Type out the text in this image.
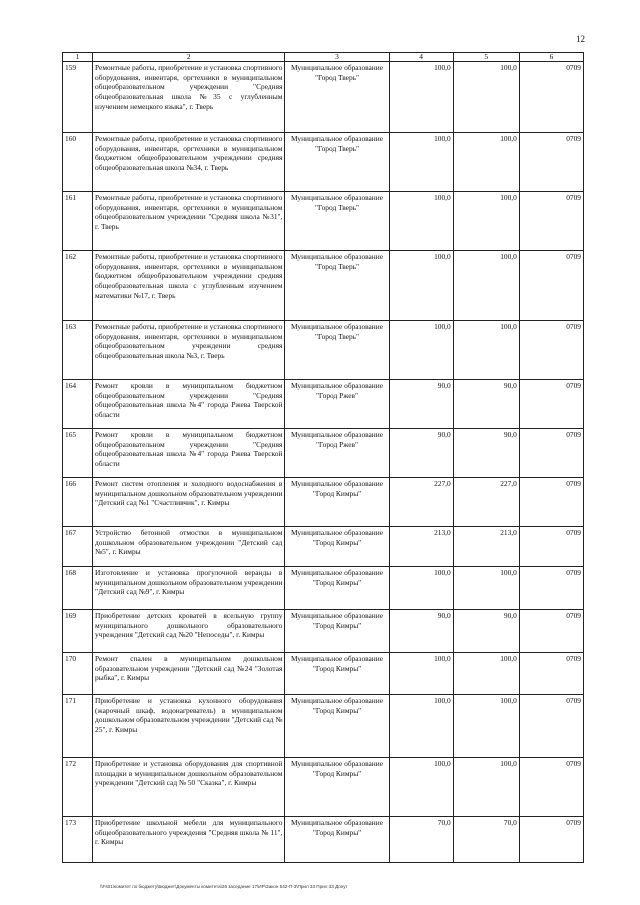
12
1	2	3	4	5	6
159	Ремонтные работы, приобретение и установка спортивного оборудования, инвентаря, оргтехники в муниципальном общеобразовательном учреждении "Средняя общеобразовательная школа №35 с углубленным изучением немецкого языка", г. Тверь	Муниципальное образование "Город Тверь"	100,0	100,0	0709
160	Ремонтные работы, приобретение и установка спортивного оборудования, инвентаря, оргтехники в муниципальном бюджетном общеобразовательном учреждении средняя общеобразовательная школа №34, г. Тверь	Муниципальное образование "Город Тверь"	100,0	100,0	0709
161	Ремонтные работы, приобретение и установка спортивного оборудования, инвентаря, оргтехники в муниципальном общеобразовательном учреждении "Средняя школа №31", г. Тверь	Муниципальное образование "Город Тверь"	100,0	100,0	0709
162	Ремонтные работы, приобретение и установка спортивного оборудования, инвентаря, оргтехники в муниципальном бюджетном общеобразовательном учреждении средняя общеобразовательная школа с углубленным изучением математики №17, г. Тверь	Муниципальное образование "Город Тверь"	100,0	100,0	0709
163	Ремонтные работы, приобретение и установка спортивного оборудования, инвентаря, оргтехники в муниципальном общеобразовательном учреждении средняя общеобразовательная школа №3, г. Тверь	Муниципальное образование "Город Тверь"	100,0	100,0	0709
164	Ремонт кровли в муниципальном бюджетном общеобразовательном учреждении "Средняя общеобразовательная школа №4" города Ржева Тверской области	Муниципальное образование "Город Ржев"	90,0	90,0	0709
165	Ремонт кровли в муниципальном бюджетном общеобразовательном учреждении "Средняя общеобразовательная школа №4" города Ржева Тверской области	Муниципальное образование "Город Ржев"	90,0	90,0	0709
166	Ремонт систем отопления и холодного водоснабжения в муниципальном дошкольном образовательном учреждении "Детский сад №1 "Счастливчик", г. Кимры	Муниципальное образование "Город Кимры"	227,0	227,0	0709
167	Устройство бетонной отмостки в муниципальном дошкольном образовательном учреждении "Детский сад №5", г. Кимры	Муниципальное образование "Город Кимры"	213,0	213,0	0709
168	Изготовление и установка прогулочной веранды в муниципальном дошкольном образовательном учреждении "Детский сад №9", г. Кимры	Муниципальное образование "Город Кимры"	100,0	100,0	0709
169	Приобретение детских кроватей в ясельную группу муниципального дошкольного образовательного учреждения "Детский сад №20 "Непоседы", г. Кимры	Муниципальное образование "Город Кимры"	90,0	90,0	0709
170	Ремонт спален в муниципальном дошкольном образовательном учреждении "Детский сад №24 "Золотая рыбка", г. Кимры	Муниципальное образование "Город Кимры"	100,0	100,0	0709
171	Приобретение и установка кухонного оборудования (жарочный шкаф, водонагреватель) в муниципальном дошкольном образовательном учреждении "Детский сад № 25", г. Кимры	Муниципальное образование "Город Кимры"	100,0	100,0	0709
172	Приобретение и установка оборудования для спортивной площадки в муниципальном дошкольном образовательном учреждении "Детский сад № 50 "Сказка", г. Кимры	Муниципальное образование "Город Кимры"	100,0	100,0	0709
173	Приобретение школьной мебели для муниципального общеобразовательного учреждения "Средняя школа № 11", г. Кимры	Муниципальное образование "Город Кимры"	70,0	70,0	0709
\\Fs01\комитет по бюджету\Бюджет\Документы комитета\26 заседание 17\ИР\Закон 542-П-3\Прил 33 Прил 33 Допут
